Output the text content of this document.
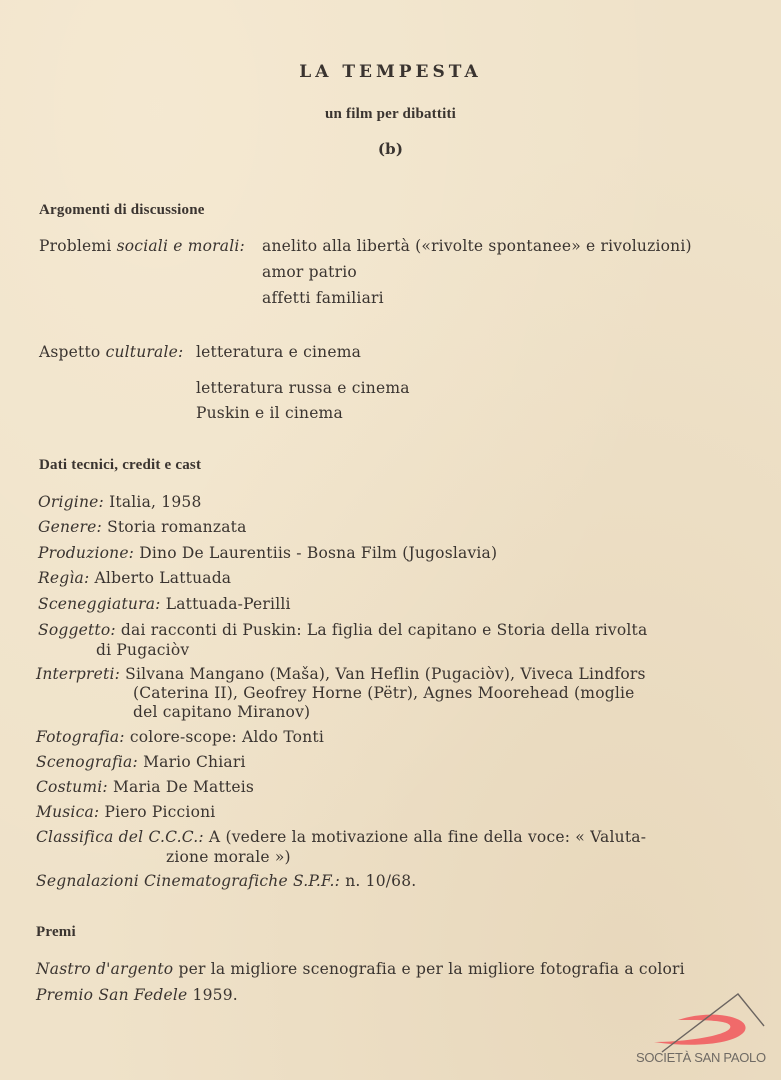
LA TEMPESTA
un film per dibattiti
(b)
Argomenti di discussione
Problemi sociali e morali: anelito alla libertà («rivolte spontanee» e rivoluzioni)
amor patrio
affetti familiari
Aspetto culturale: letteratura e cinema
letteratura russa e cinema
Puskin e il cinema
Dati tecnici, credit e cast
Origine: Italia, 1958
Genere: Storia romanzata
Produzione: Dino De Laurentiis - Bosna Film (Jugoslavia)
Regìa: Alberto Lattuada
Sceneggiatura: Lattuada-Perilli
Soggetto: dai racconti di Puskin: La figlia del capitano e Storia della rivolta
di Pugaciòv
Interpreti: Silvana Mangano (Maša), Van Heflin (Pugaciòv), Viveca Lindfors
(Caterina II), Geofrey Horne (Pëtr), Agnes Moorehead (moglie
del capitano Miranov)
Fotografia: colore-scope: Aldo Tonti
Scenografia: Mario Chiari
Costumi: Maria De Matteis
Musica: Piero Piccioni
Classifica del C.C.C.: A (vedere la motivazione alla fine della voce: « Valuta-
zione morale »)
Segnalazioni Cinematografiche S.P.F.: n. 10/68.
Premi
Nastro d'argento per la migliore scenografia e per la migliore fotografia a colori
Premio San Fedele 1959.
SOCIETÀ SAN PAOLO
